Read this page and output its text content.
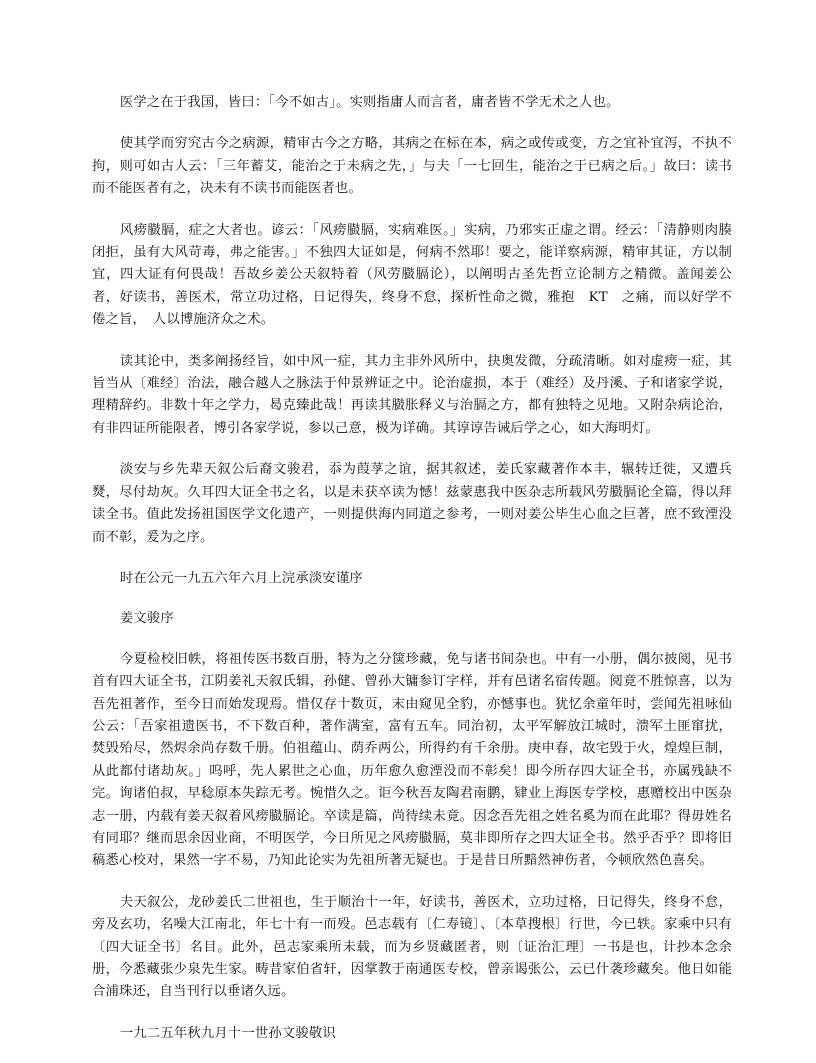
医学之在于我国，皆曰：「今不如古」。实则指庸人而言者，庸者皆不学无术之人也。

使其学而穷究古今之病源，精审古今之方略，其病之在标在本，病之或传或变，方之宜补宜泻，不执不拘，则可如古人云：「三年蓄艾，能治之于未病之先，」与夫「一七回生，能治之于已病之后。」故曰：读书而不能医者有之，决未有不读书而能医者也。

风痨臌膈，症之大者也。谚云：「风痨臌膈，实病难医。」实病，乃邪实正虚之谓。经云：「清静则肉腠闭拒，虽有大风苛毒，弗之能害。」不独四大证如是，何病不然耶！要之，能详察病源，精审其证，方以制宜，四大证有何畏哉！吾故乡姜公天叙特着（风劳臌膈论），以阐明古圣先哲立论制方之精微。盖闻姜公者，好读书，善医术，常立功过格，日记得失，终身不怠，探析性命之微，雅抱　KT　之痛，而以好学不倦之旨，　人以博施济众之术。

读其论中，类多阐扬经旨，如中风一症，其力主非外风所中，抉奥发微，分疏清晰。如对虚痨一症，其旨当从〔难经〕治法，融合越人之脉法于仲景辨证之中。论治虚损，本于（难经）及丹溪、子和诸家学说，理精辞约。非数十年之学力，曷克臻此哉！再读其臌胀释义与治膈之方，都有独特之见地。又附杂病论治，有非四证所能限者，博引各家学说，参以己意，极为详确。其谆谆告诫后学之心，如大海明灯。

淡安与乡先辈天叙公后裔文骏君，忝为葭莩之谊，据其叙述，姜氏家藏著作本丰，辗转迁徙，又遭兵燹，尽付劫灰。久耳四大证全书之名，以是未获卒读为憾！兹蒙惠我中医杂志所载风劳臌膈论全篇，得以拜读全书。值此发扬祖国医学文化遗产，一则提供海内同道之参考，一则对姜公毕生心血之巨著，庶不致湮没而不彰，爰为之序。

时在公元一九五六年六月上浣承淡安谨序

姜文骏序

今夏检校旧帙，将祖传医书数百册，特为之分箧珍藏，免与诸书间杂也。中有一小册，偶尔披阅，见书首有四大证全书，江阴姜礼天叙氏辑，孙健、曾孙大镛参订字样，并有邑诸名宿传题。阅竟不胜惊喜，以为吾先祖著作，至今日而始发现焉。惜仅存十数页，末由窥见全豹，亦憾事也。犹忆余童年时，尝闻先祖咏仙公云：「吾家祖遗医书，不下数百种，著作满室，富有五车。同治初，太平军解放江城时，溃军土匪窜扰，焚毁殆尽，然烬余尚存数千册。伯祖蕴山、荫乔两公，所得约有千余册。庚申春，故宅毁于火，煌煌巨制，从此都付诸劫灰。」呜呼，先人累世之心血，历年愈久愈湮没而不彰矣！即今所存四大证全书，亦属残缺不完。询诸伯叔，早稔原本失踪无考。惋惜久之。讵今秋吾友陶君南鹏，肄业上海医专学校，惠赠校出中医杂志一册，内载有姜天叙着风痨臌膈论。卒读是篇，尚待续未竟。因念吾先祖之姓名奚为而在此耶？得毋姓名有同耶？继而思余因业商，不明医学，今日所见之风痨臌膈，莫非即所存之四大证全书。然乎否乎？即将旧稿悉心校对，果然一字不易，乃知此论实为先祖所著无疑也。于是昔日所黯然神伤者，今顿欣然色喜矣。

夫天叙公，龙砂姜氏二世祖也，生于顺治十一年，好读书，善医术，立功过格，日记得失，终身不怠，旁及玄功，名噪大江南北，年七十有一而殁。邑志载有〔仁寿镜〕、〔本草搜根〕行世，今已轶。家乘中只有〔四大证全书〕名目。此外，邑志家乘所未载，而为乡贤藏匿者，则〔证治汇理〕一书是也，计抄本念余册，今悉藏张少泉先生家。畴昔家伯省轩，因掌教于南通医专校，曾亲谒张公，云已什袭珍藏矣。他日如能合浦珠还，自当刊行以垂诸久远。

一九二五年秋九月十一世孙文骏敬识
